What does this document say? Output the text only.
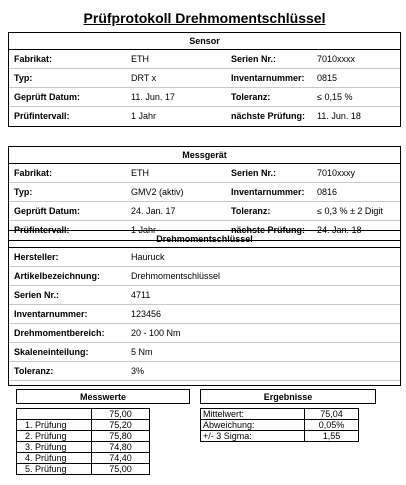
Prüfprotokoll Drehmomentschlüssel
Sensor
Fabrikat:	ETH	Serien Nr.:	7010xxxx
Typ:	DRT x	Inventarnummer: 0815
Geprüft Datum:	11. Jun. 17	Toleranz:	≤ 0,15 %
Prüfintervall:	1 Jahr	nächste Prüfung: 11. Jun. 18
Messgerät
Fabrikat:	ETH	Serien Nr.:	7010xxxy
Typ:	GMV2 (aktiv)	Inventarnummer: 0816
Geprüft Datum:	24. Jan. 17	Toleranz:	≤ 0,3 % ± 2 Digit
Prüfintervall:	1 Jahr	nächste Prüfung: 24. Jan. 18
Drehmomentschlüssel
Hersteller:	Hauruck
Artikelbezeichnung:	Drehmomentschlüssel
Serien Nr.:	4711
Inventarnummer:	123456
Drehmomentbereich:	20 - 100 Nm
Skaleneinteilung:	5 Nm
Toleranz:	3%
Messwerte
	75,00
1. Prüfung	75,20
2. Prüfung	75,80
3. Prüfung	74,80
4. Prüfung	74,40
5. Prüfung	75,00
Ergebnisse
Mittelwert:	75,04
Abweichung:	0,05%
+/- 3 Sigma:	1,55
